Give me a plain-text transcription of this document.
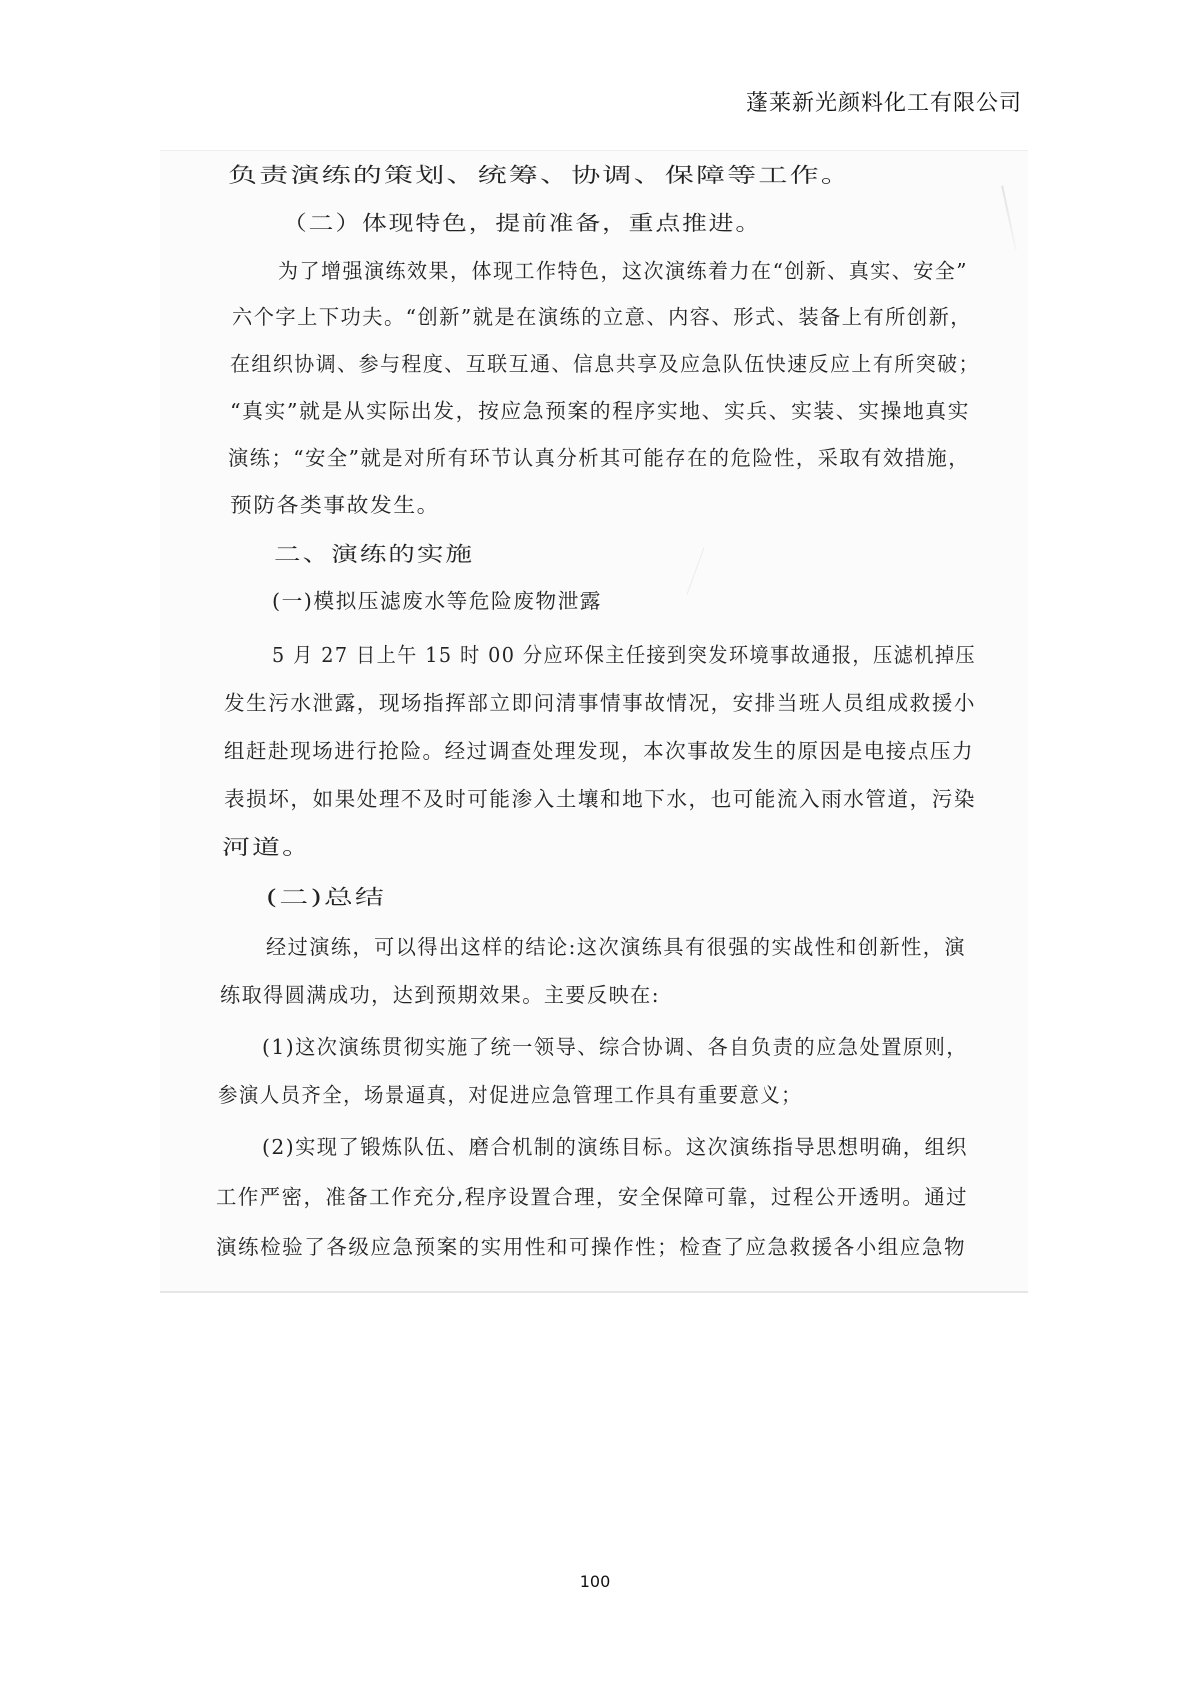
蓬莱新光颜料化工有限公司
负责演练的策划、统筹、协调、保障等工作。
（二）体现特色，提前准备，重点推进。
为了增强演练效果，体现工作特色，这次演练着力在“创新、真实、安全”
六个字上下功夫。“创新”就是在演练的立意、内容、形式、装备上有所创新，
在组织协调、参与程度、互联互通、信息共享及应急队伍快速反应上有所突破；
“真实”就是从实际出发，按应急预案的程序实地、实兵、实装、实操地真实
演练；“安全”就是对所有环节认真分析其可能存在的危险性，采取有效措施，
预防各类事故发生。
二、演练的实施
(一)模拟压滤废水等危险废物泄露
5 月 27 日上午 15 时 00 分应环保主任接到突发环境事故通报，压滤机掉压
发生污水泄露，现场指挥部立即问清事情事故情况，安排当班人员组成救援小
组赶赴现场进行抢险。经过调查处理发现，本次事故发生的原因是电接点压力
表损坏，如果处理不及时可能渗入土壤和地下水，也可能流入雨水管道，污染
河道。
(二)总结
经过演练，可以得出这样的结论:这次演练具有很强的实战性和创新性，演
练取得圆满成功，达到预期效果。主要反映在:
(1)这次演练贯彻实施了统一领导、综合协调、各自负责的应急处置原则，
参演人员齐全，场景逼真，对促进应急管理工作具有重要意义；
(2)实现了锻炼队伍、磨合机制的演练目标。这次演练指导思想明确，组织
工作严密，准备工作充分,程序设置合理，安全保障可靠，过程公开透明。通过
演练检验了各级应急预案的实用性和可操作性；检查了应急救援各小组应急物
100
